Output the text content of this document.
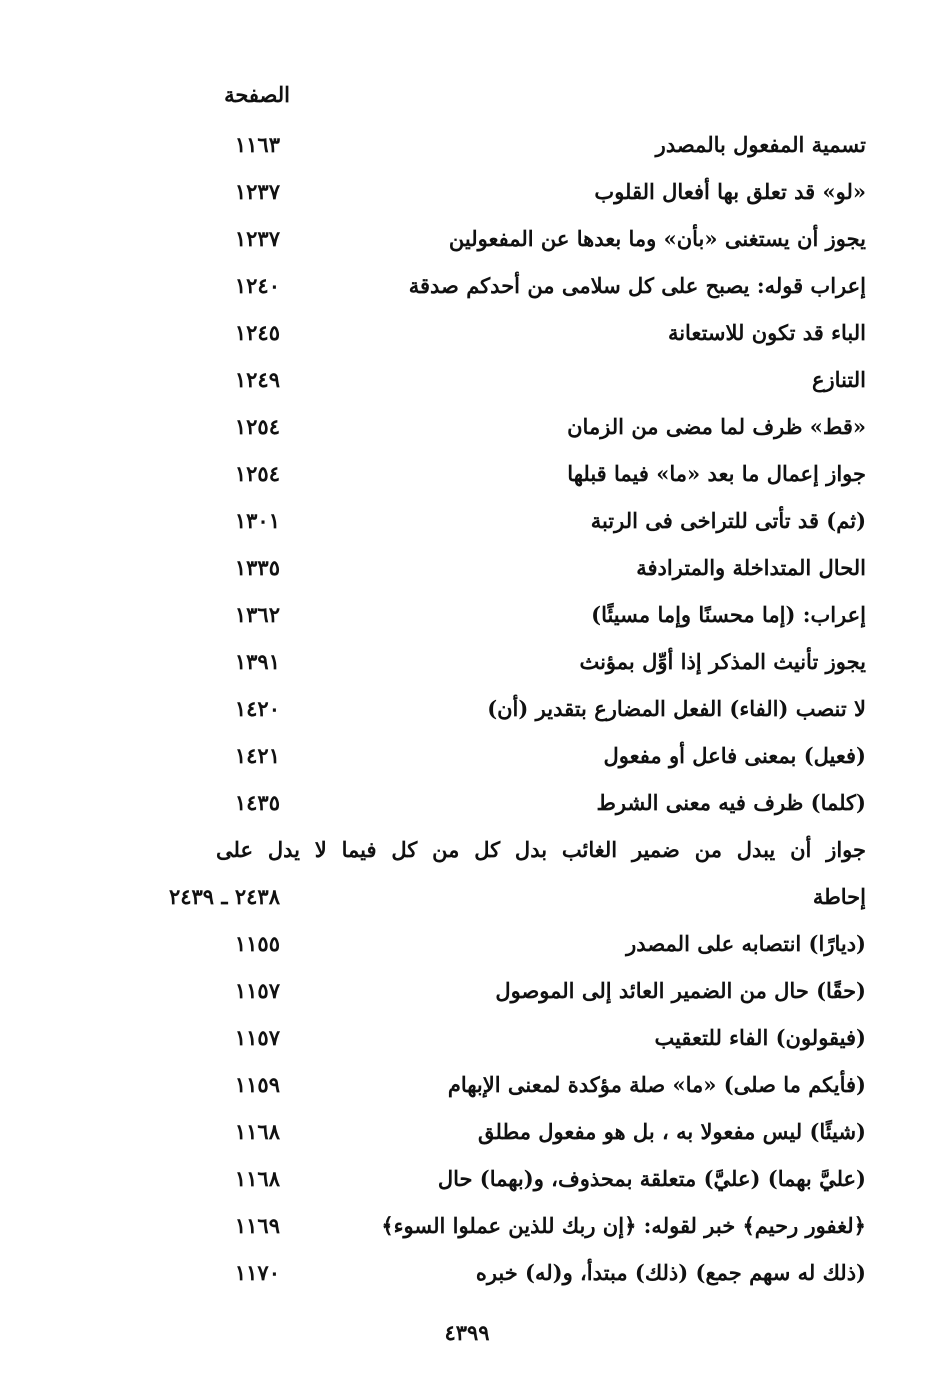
الصفحة
تسمية المفعول بالمصدر
١١٦٣
«لو» قد تعلق بها أفعال القلوب
١٢٣٧
يجوز أن يستغنى «بأن» وما بعدها عن المفعولين
١٢٣٧
إعراب قوله: يصبح على كل سلامى من أحدكم صدقة
١٢٤٠
الباء قد تكون للاستعانة
١٢٤٥
التنازع
١٢٤٩
«قط» ظرف لما مضى من الزمان
١٢٥٤
جواز إعمال ما بعد «ما» فيما قبلها
١٢٥٤
(ثم) قد تأتى للتراخى فى الرتبة
١٣٠١
الحال المتداخلة والمترادفة
١٣٣٥
إعراب: (إما محسنًا وإما مسيئًا)
١٣٦٢
يجوز تأنيث المذكر إذا أوِّل بمؤنث
١٣٩١
لا تنصب (الفاء) الفعل المضارع بتقدير (أن)
١٤٢٠
(فعيل) بمعنى فاعل أو مفعول
١٤٢١
(كلما) ظرف فيه معنى الشرط
١٤٣٥
جواز أن يبدل من ضمير الغائب بدل كل من كل فيما لا يدل على
إحاطة
٢٤٣٨ ـ ٢٤٣٩
(ديارًا) انتصابه على المصدر
١١٥٥
(حقًا) حال من الضمير العائد إلى الموصول
١١٥٧
(فيقولون) الفاء للتعقيب
١١٥٧
(فأيكم ما صلى) «ما» صلة مؤكدة لمعنى الإبهام
١١٥٩
(شيئًا) ليس مفعولا به ، بل هو مفعول مطلق
١١٦٨
(عليَّ بهما) (عليَّ) متعلقة بمحذوف، و(بهما) حال
١١٦٨
﴿لغفور رحيم﴾ خبر لقوله: ﴿إن ربك للذين عملوا السوء﴾
١١٦٩
(ذلك له سهم جمع) (ذلك) مبتدأ، و(له) خبره
١١٧٠
٤٣٩٩
